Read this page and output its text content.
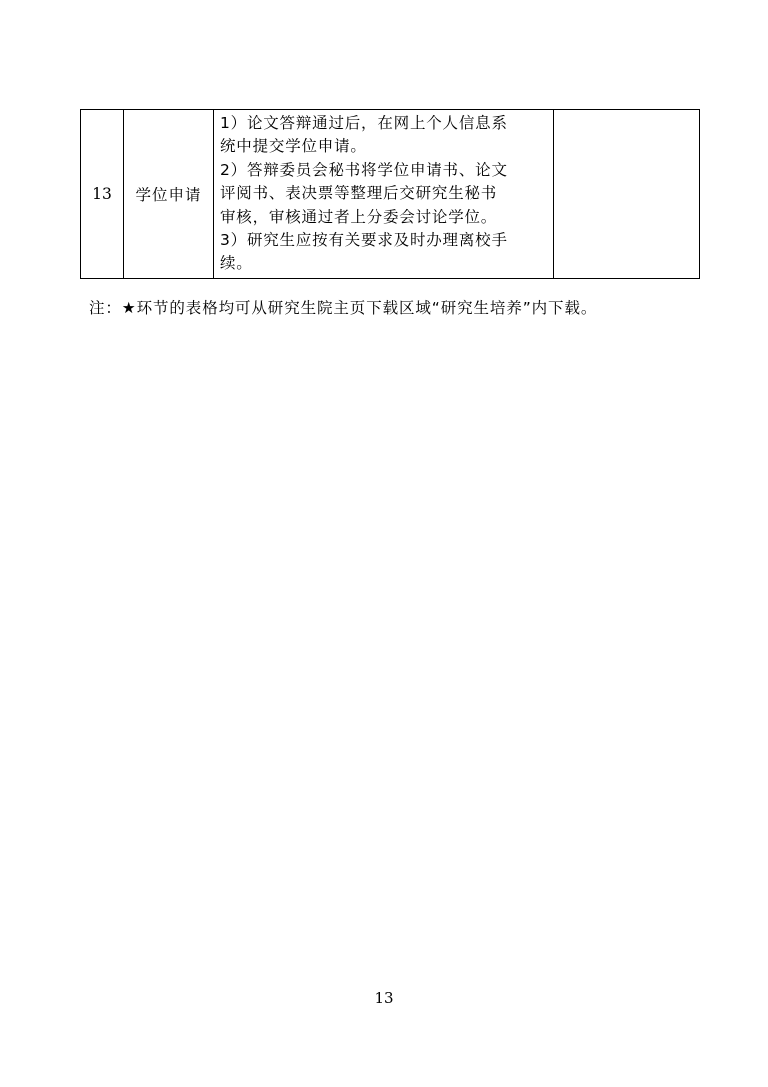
13	学位申请	
1）论文答辩通过后，在网上个人信息系
统中提交学位申请。
2）答辩委员会秘书将学位申请书、论文
评阅书、表决票等整理后交研究生秘书
审核，审核通过者上分委会讨论学位。
3）研究生应按有关要求及时办理离校手
续。

注：★环节的表格均可从研究生院主页下载区域“研究生培养”内下载。
13
